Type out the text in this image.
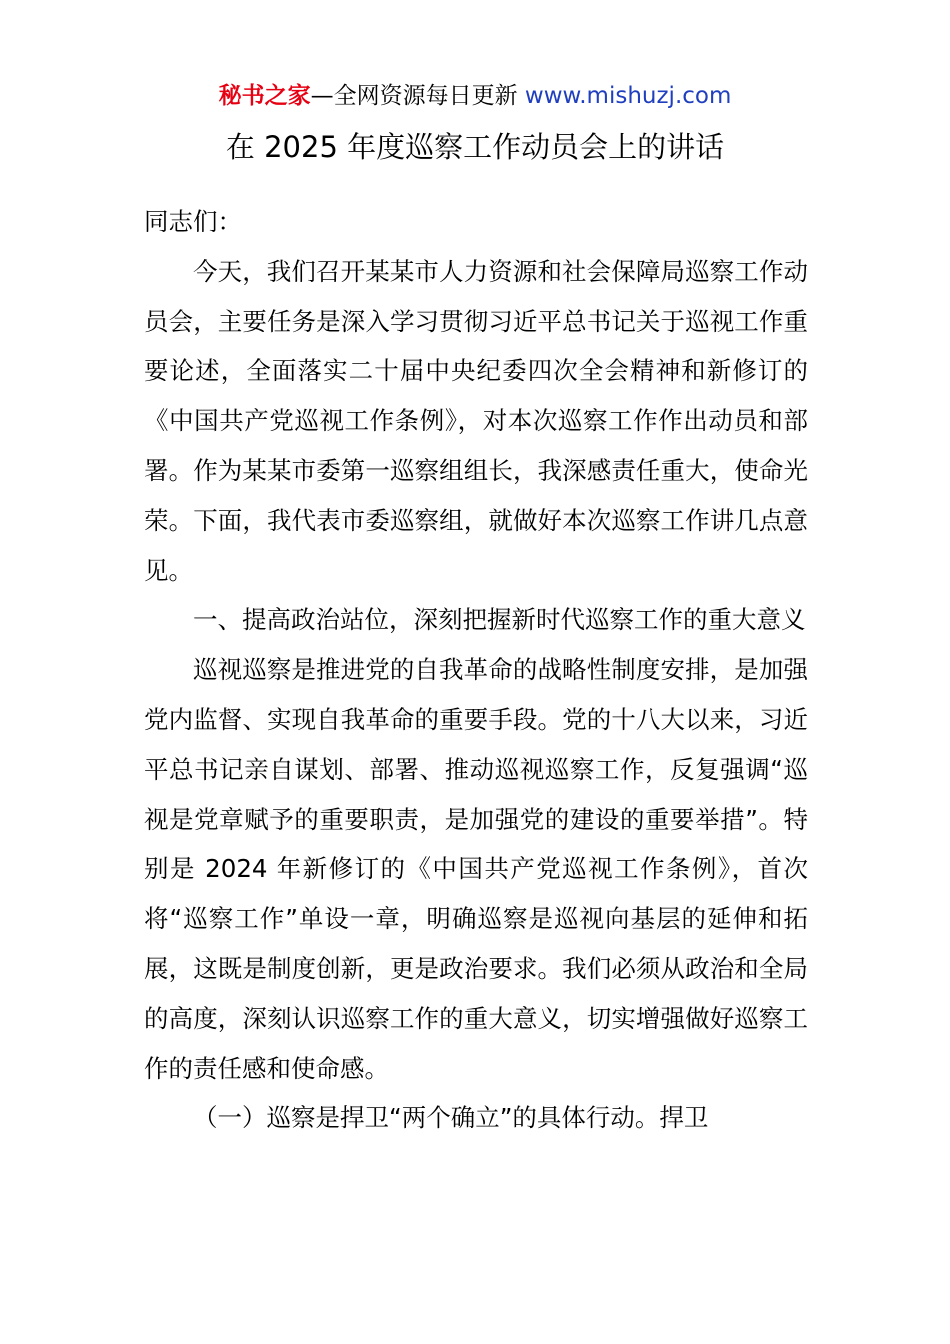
秘书之家—全网资源每日更新 www.mishuzj.com
在 2025 年度巡察工作动员会上的讲话

同志们：

今天，我们召开某某市人力资源和社会保障局巡察工作动员会，主要任务是深入学习贯彻习近平总书记关于巡视工作重要论述，全面落实二十届中央纪委四次全会精神和新修订的《中国共产党巡视工作条例》，对本次巡察工作作出动员和部署。作为某某市委第一巡察组组长，我深感责任重大，使命光荣。下面，我代表市委巡察组，就做好本次巡察工作讲几点意见。

一、提高政治站位，深刻把握新时代巡察工作的重大意义

巡视巡察是推进党的自我革命的战略性制度安排，是加强党内监督、实现自我革命的重要手段。党的十八大以来，习近平总书记亲自谋划、部署、推动巡视巡察工作，反复强调“巡视是党章赋予的重要职责，是加强党的建设的重要举措”。特别是 2024 年新修订的《中国共产党巡视工作条例》，首次将“巡察工作”单设一章，明确巡察是巡视向基层的延伸和拓展，这既是制度创新，更是政治要求。我们必须从政治和全局的高度，深刻认识巡察工作的重大意义，切实增强做好巡察工作的责任感和使命感。

（一）巡察是捍卫“两个确立”的具体行动。捍卫
